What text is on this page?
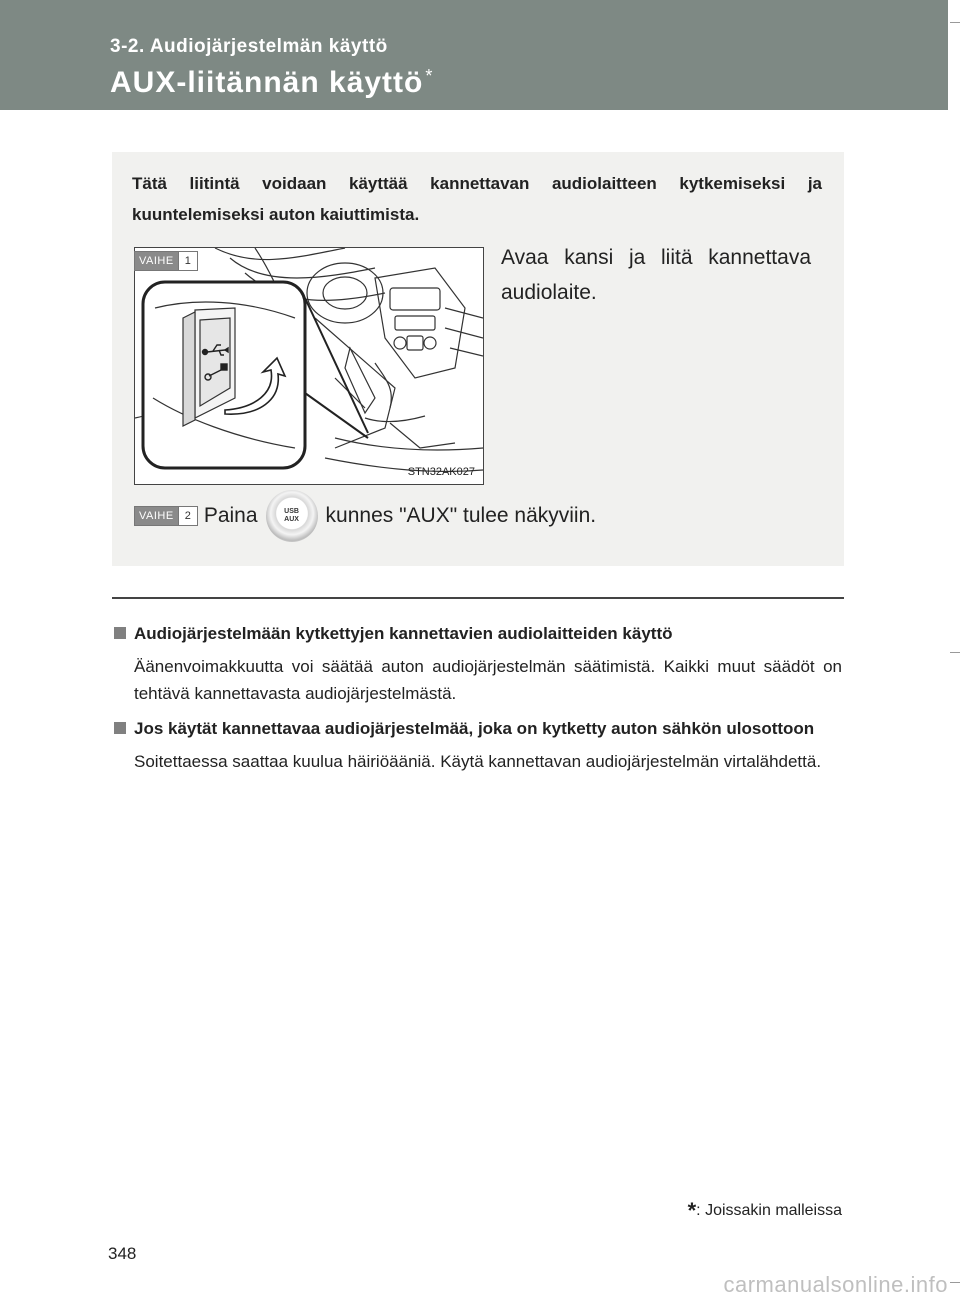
3-2. Audiojärjestelmän käyttö
AUX-liitännän käyttö *
Tätä liitintä voidaan käyttää kannettavan audiolaitteen kytkemiseksi ja kuuntelemiseksi auton kaiuttimista.
STN32AK027
VAIHE	1	Avaa kansi ja liitä kannettava audiolaite.
VAIHE	2 Paina	USB
AUX kunnes "AUX" tulee näkyviin.
Audiojärjestelmään kytkettyjen kannettavien audiolaitteiden käyttö
Äänenvoimakkuutta voi säätää auton audiojärjestelmän säätimistä. Kaikki muut säädöt on tehtävä kannettavasta audiojärjestelmästä.
Jos käytät kannettavaa audiojärjestelmää, joka on kytketty auton sähkön ulosottoon
Soitettaessa saattaa kuulua häiriöääniä. Käytä kannettavan audiojärjestelmän virtalähdettä.
*: Joissakin malleissa
348
carmanualsonline.info
